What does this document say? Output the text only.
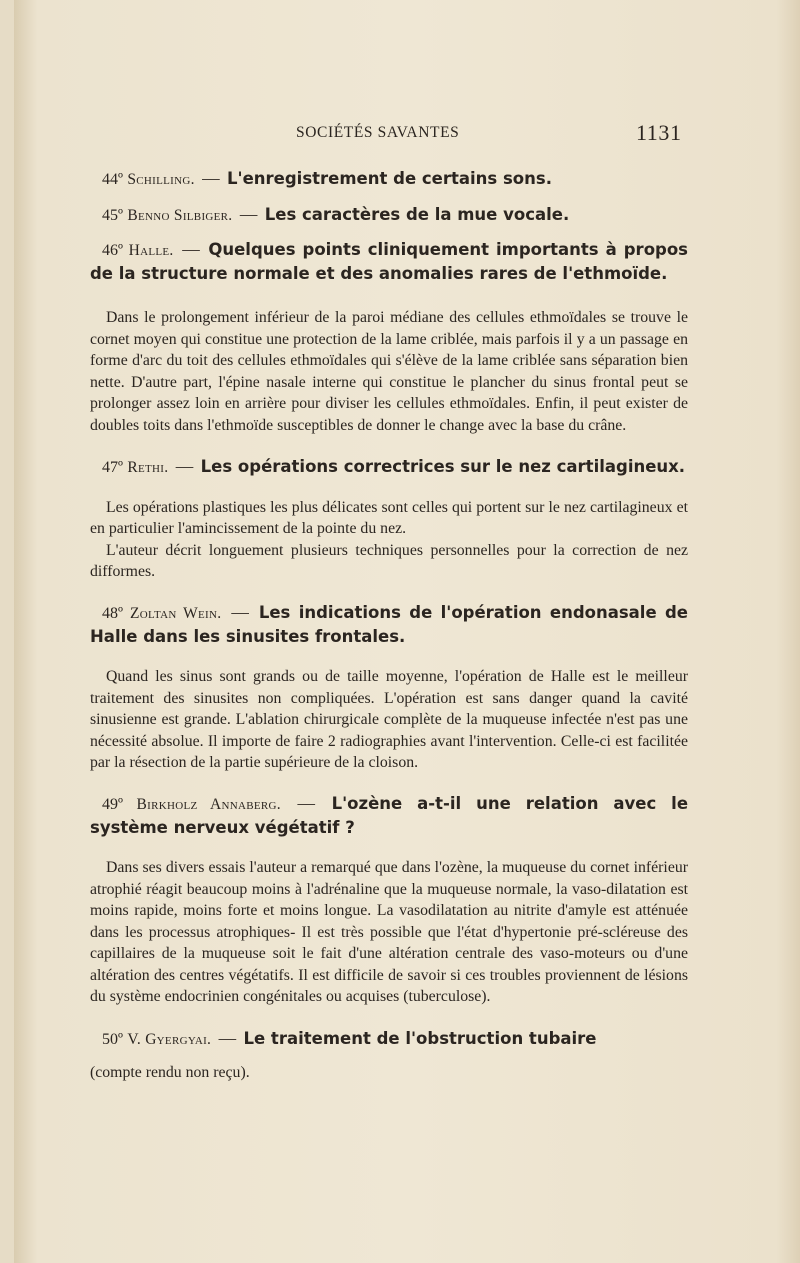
SOCIÉTÉS SAVANTES	1131

44º Schilling. — L'enregistrement de certains sons.

45º Benno Silbiger. — Les caractères de la mue vocale.

46º Halle. — Quelques points cliniquement importants à propos de la structure normale et des anomalies rares de l'ethmoïde.

Dans le prolongement inférieur de la paroi médiane des cellules ethmoïdales se trouve le cornet moyen qui constitue une protection de la lame criblée, mais parfois il y a un passage en forme d'arc du toit des cellules ethmoïdales qui s'élève de la lame criblée sans séparation bien nette. D'autre part, l'épine nasale interne qui constitue le plancher du sinus frontal peut se prolonger assez loin en arrière pour diviser les cellules ethmoïdales. Enfin, il peut exister de doubles toits dans l'ethmoïde susceptibles de donner le change avec la base du crâne.

47º Rethi. — Les opérations correctrices sur le nez cartilagineux.

Les opérations plastiques les plus délicates sont celles qui portent sur le nez cartilagineux et en particulier l'amincissement de la pointe du nez.

L'auteur décrit longuement plusieurs techniques personnelles pour la correction de nez difformes.

48º Zoltan Wein. — Les indications de l'opération endonasale de Halle dans les sinusites frontales.

Quand les sinus sont grands ou de taille moyenne, l'opération de Halle est le meilleur traitement des sinusites non compliquées. L'opération est sans danger quand la cavité sinusienne est grande. L'ablation chirurgicale complète de la muqueuse infectée n'est pas une nécessité absolue. Il importe de faire 2 radiographies avant l'intervention. Celle-ci est facilitée par la résection de la partie supérieure de la cloison.

49º Birkholz Annaberg. — L'ozène a-t-il une relation avec le système nerveux végétatif ?

Dans ses divers essais l'auteur a remarqué que dans l'ozène, la muqueuse du cornet inférieur atrophié réagit beaucoup moins à l'adrénaline que la muqueuse normale, la vaso-dilatation est moins rapide, moins forte et moins longue. La vasodilatation au nitrite d'amyle est atténuée dans les processus atrophiques- Il est très possible que l'état d'hypertonie pré-scléreuse des capillaires de la muqueuse soit le fait d'une altération centrale des vaso-moteurs ou d'une altération des centres végétatifs. Il est difficile de savoir si ces troubles proviennent de lésions du système endocrinien congénitales ou acquises (tuberculose).

50º V. Gyergyai. — Le traitement de l'obstruction tubaire

(compte rendu non reçu).
